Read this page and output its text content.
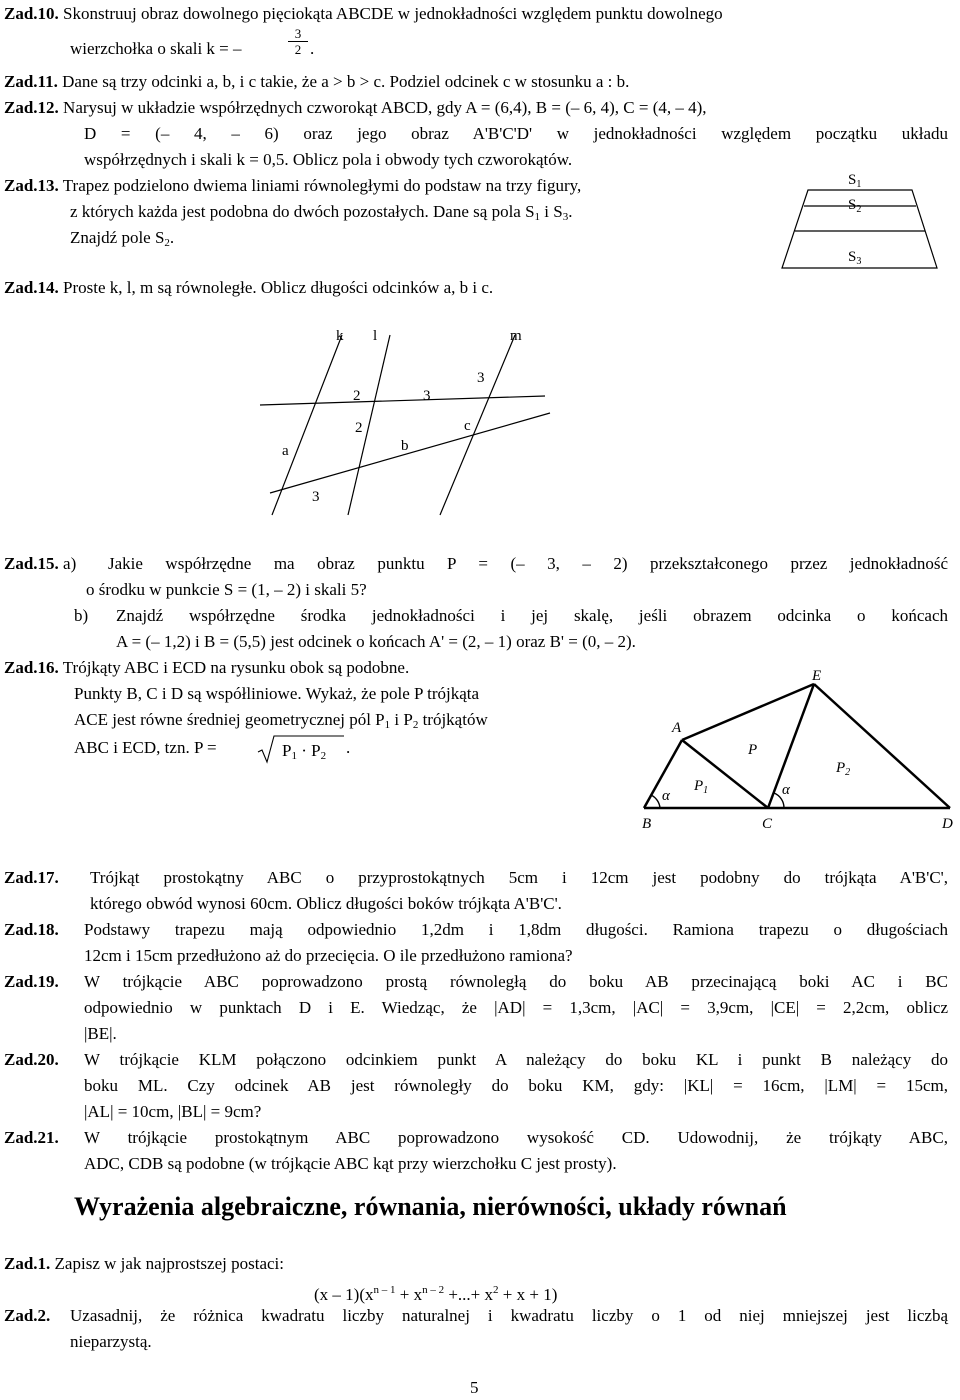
Zad.10. Skonstruuj obraz dowolnego pięciokąta ABCDE w jednokładności względem punktu dowolnego
wierzchołka o skali k = –	$\frac{3}{2}$ .
Zad.11. Dane są trzy odcinki a, b, i c takie, że a > b > c. Podziel odcinek c w stosunku a : b.
Zad.12. Narysuj w układzie współrzędnych czworokąt ABCD, gdy A = (6,4), B = (– 6, 4), C = (4, – 4),
D = (– 4, – 6) oraz jego obraz A'B'C'D' w jednokładności względem początku układu
współrzędnych i skali k = 0,5. Oblicz pola i obwody tych czworokątów.
Zad.13. Trapez podzielono dwiema liniami równoległymi do podstaw na trzy figury,
z których każda jest podobna do dwóch pozostałych. Dane są pola $S_1$ i $S_3$.
Znajdź pole $S_2$.
$S_1$
$S_2$
$S_3$
Zad.14. Proste k, l, m są równoległe. Oblicz długości odcinków a, b i c.
k l	m
2	3
3
2
a	b
c
3
Zad.15. a) Jakie współrzędne ma obraz punktu P = (– 3, – 2) przekształconego przez jednokładność
o środku w punkcie S = (1, – 2) i skali 5?
b) Znajdź współrzędne środka jednokładności i jej skalę, jeśli obrazem odcinka o końcach
A = (– 1,2) i B = (5,5) jest odcinek o końcach A' = (2, – 1) oraz B' = (0, – 2).
Zad.16. Trójkąty ABC i ECD na rysunku obok są podobne.
Punkty B, C i D są współliniowe. Wykaż, że pole P trójkąta
ACE jest równe średniej geometrycznej pól $P_1$ i $P_2$ trójkątów
ABC i ECD, tzn. P =	P1 · P2 .
A
B	C	D
E
P
$P_1$
$P_2$
α	α
Zad.17. Trójkąt prostokątny ABC o przyprostokątnych 5cm i 12cm jest podobny do trójkąta A'B'C',
którego obwód wynosi 60cm. Oblicz długości boków trójkąta A'B'C'.
Zad.18. Podstawy trapezu mają odpowiednio 1,2dm i 1,8dm długości. Ramiona trapezu o długościach
12cm i 15cm przedłużono aż do przecięcia. O ile przedłużono ramiona?
Zad.19. W trójkącie ABC poprowadzono prostą równoległą do boku AB przecinającą boki AC i BC
odpowiednio w punktach D i E. Wiedząc, że |AD| = 1,3cm, |AC| = 3,9cm, |CE| = 2,2cm, oblicz
|BE|.
Zad.20. W trójkącie KLM połączono odcinkiem punkt A należący do boku KL i punkt B należący do
boku ML. Czy odcinek AB jest równoległy do boku KM, gdy: |KL| = 16cm, |LM| = 15cm,
|AL| = 10cm, |BL| = 9cm?
Zad.21. W trójkącie prostokątnym ABC poprowadzono wysokość CD. Udowodnij, że trójkąty ABC,
ADC, CDB są podobne (w trójkącie ABC kąt przy wierzchołku C jest prosty).
Wyrażenia algebraiczne, równania, nierówności, układy równań
Zad.1. Zapisz w jak najprostszej postaci:
$(x - 1)(x^{n - 1} + x^{n - 2}$ +...+ $x^2 + x + 1$)
Zad.2. Uzasadnij, że różnica kwadratu liczby naturalnej i kwadratu liczby o 1 od niej mniejszej jest liczbą
nieparzystą.
5
